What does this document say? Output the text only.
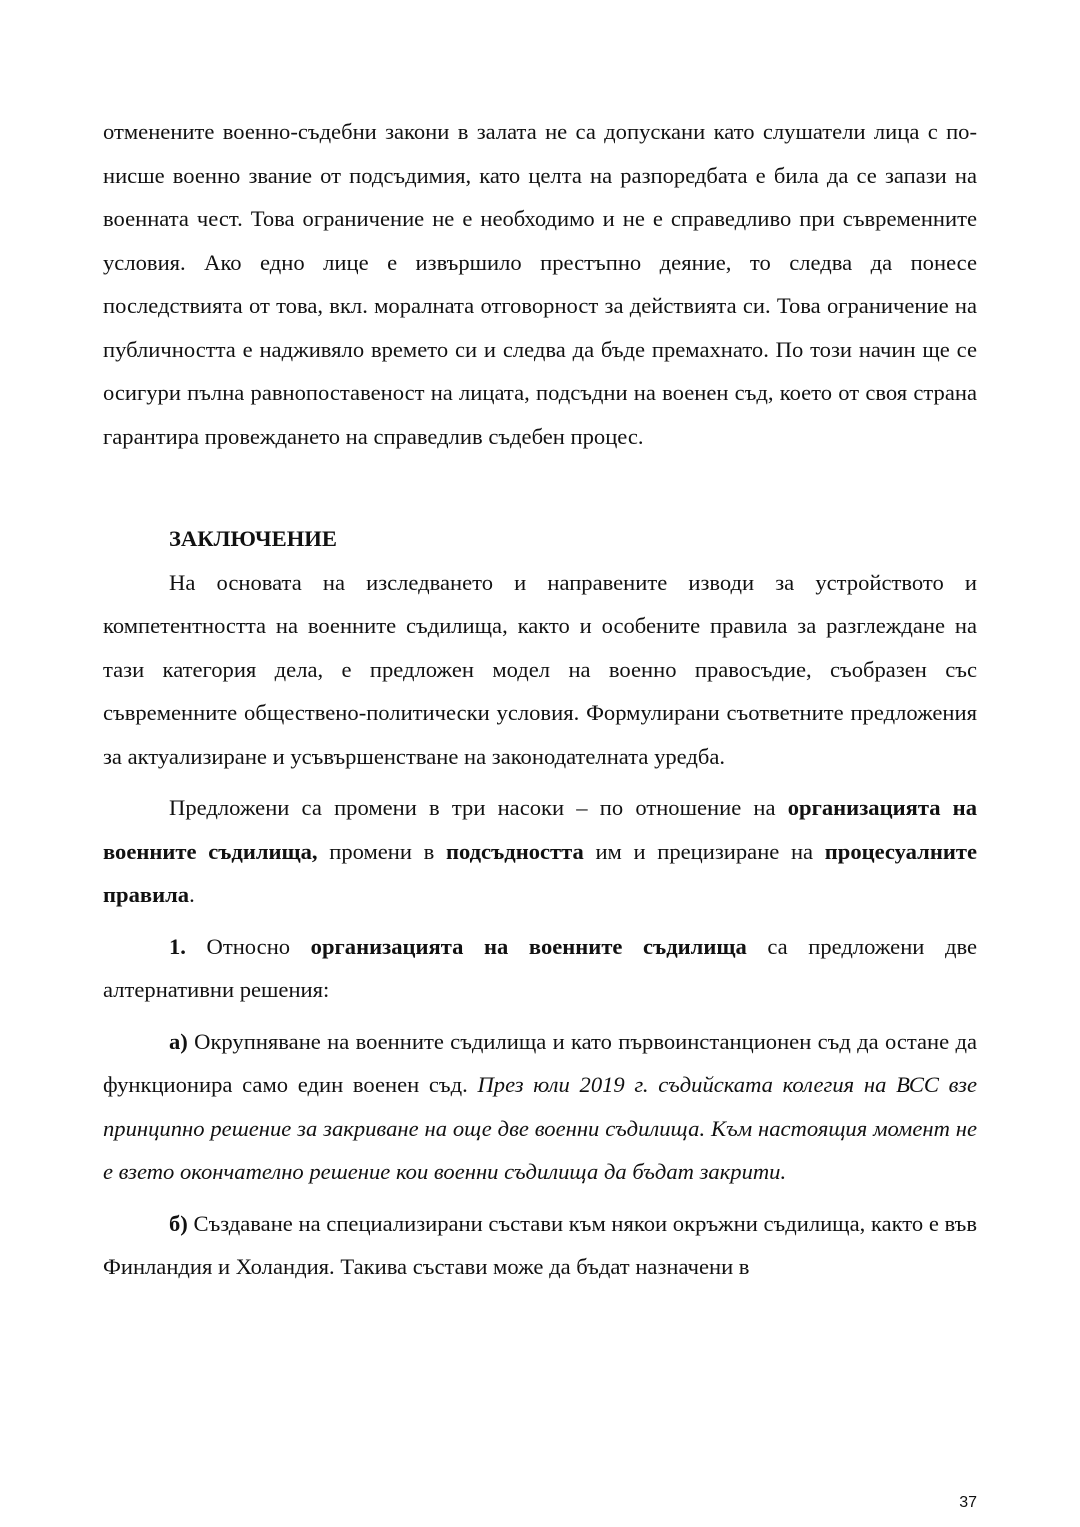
отменените военно-съдебни закони в залата не са допускани като слушатели лица с по-нисше военно звание от подсъдимия, като целта на разпоредбата е била да се запази на военната чест. Това ограничение не е необходимо и не е справедливо при съвременните условия. Ако едно лице е извършило престъпно деяние, то следва да понесе последствията от това, вкл. моралната отговорност за действията си. Това ограничение на публичността е надживяло времето си и следва да бъде премахнато. По този начин ще се осигури пълна равнопоставеност на лицата, подсъдни на военен съд, което от своя страна гарантира провеждането на справедлив съдебен процес.

ЗАКЛЮЧЕНИЕ

На основата на изследването и направените изводи за устройството и компетентността на военните съдилища, както и особените правила за разглеждане на тази категория дела, е предложен модел на военно правосъдие, съобразен със съвременните обществено-политически условия. Формулирани съответните предложения за актуализиране и усъвършенстване на законодателната уредба.

Предложени са промени в три насоки – по отношение на организацията на военните съдилища, промени в подсъдността им и прецизиране на процесуалните правила.

1. Относно организацията на военните съдилища са предложени две алтернативни решения:

а) Окрупняване на военните съдилища и като първоинстанционен съд да остане да функционира само един военен съд. През юли 2019 г. съдийската колегия на ВСС взе принципно решение за закриване на още две военни съдилища. Към настоящия момент не е взето окончателно решение кои военни съдилища да бъдат закрити.

б) Създаване на специализирани състави към някои окръжни съдилища, както е във Финландия и Холандия. Такива състави може да бъдат назначени в

37
